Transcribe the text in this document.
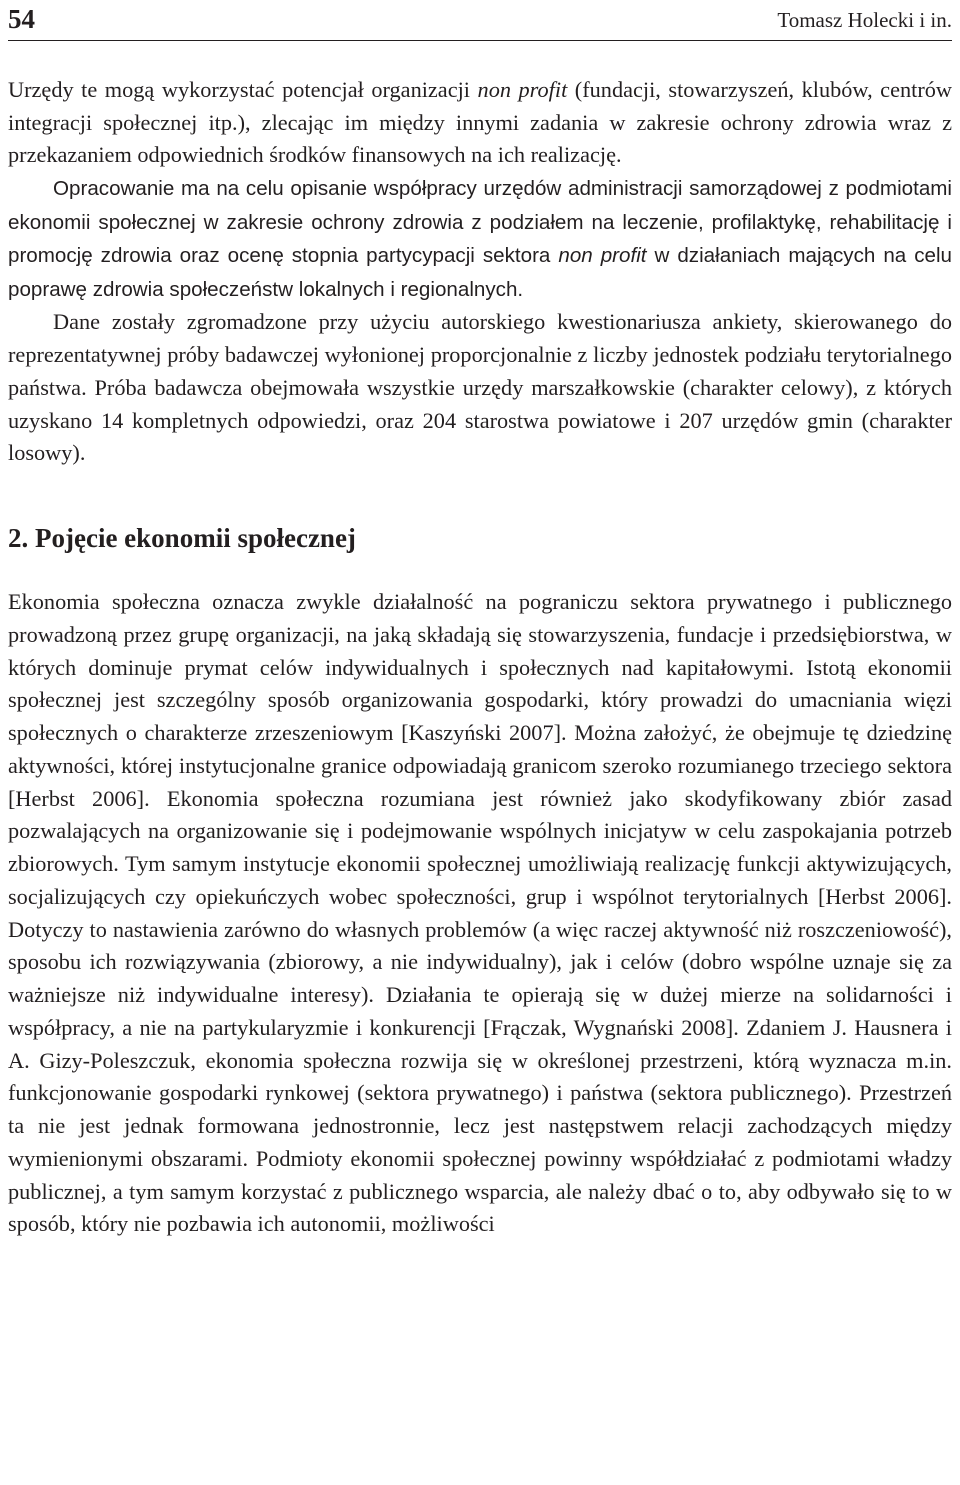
54	Tomasz Holecki i in.

Urzędy te mogą wykorzystać potencjał organizacji non profit (fundacji, stowarzyszeń, klubów, centrów integracji społecznej itp.), zlecając im między innymi zadania w zakresie ochrony zdrowia wraz z przekazaniem odpowiednich środków finansowych na ich realizację.

Opracowanie ma na celu opisanie współpracy urzędów administracji samorządowej z podmiotami ekonomii społecznej w zakresie ochrony zdrowia z podziałem na leczenie, profilaktykę, rehabilitację i promocję zdrowia oraz ocenę stopnia partycypacji sektora non profit w działaniach mających na celu poprawę zdrowia społeczeństw lokalnych i regionalnych.

Dane zostały zgromadzone przy użyciu autorskiego kwestionariusza ankiety, skierowanego do reprezentatywnej próby badawczej wyłonionej proporcjonalnie z liczby jednostek podziału terytorialnego państwa. Próba badawcza obejmowała wszystkie urzędy marszałkowskie (charakter celowy), z których uzyskano 14 kompletnych odpowiedzi, oraz 204 starostwa powiatowe i 207 urzędów gmin (charakter losowy).

2. Pojęcie ekonomii społecznej

Ekonomia społeczna oznacza zwykle działalność na pograniczu sektora prywatnego i publicznego prowadzoną przez grupę organizacji, na jaką składają się stowarzyszenia, fundacje i przedsiębiorstwa, w których dominuje prymat celów indywidualnych i społecznych nad kapitałowymi. Istotą ekonomii społecznej jest szczególny sposób organizowania gospodarki, który prowadzi do umacniania więzi społecznych o charakterze zrzeszeniowym [Kaszyński 2007]. Można założyć, że obejmuje tę dziedzinę aktywności, której instytucjonalne granice odpowiadają granicom szeroko rozumianego trzeciego sektora [Herbst 2006]. Ekonomia społeczna rozumiana jest również jako skodyfikowany zbiór zasad pozwalających na organizowanie się i podejmowanie wspólnych inicjatyw w celu zaspokajania potrzeb zbiorowych. Tym samym instytucje ekonomii społecznej umożliwiają realizację funkcji aktywizujących, socjalizujących czy opiekuńczych wobec społeczności, grup i wspólnot terytorialnych [Herbst 2006]. Dotyczy to nastawienia zarówno do własnych problemów (a więc raczej aktywność niż roszczeniowość), sposobu ich rozwiązywania (zbiorowy, a nie indywidualny), jak i celów (dobro wspólne uznaje się za ważniejsze niż indywidualne interesy). Działania te opierają się w dużej mierze na solidarności i współpracy, a nie na partykularyzmie i konkurencji [Frączak, Wygnański 2008]. Zdaniem J. Hausnera i A. Gizy-Poleszczuk, ekonomia społeczna rozwija się w określonej przestrzeni, którą wyznacza m.in. funkcjonowanie gospodarki rynkowej (sektora prywatnego) i państwa (sektora publicznego). Przestrzeń ta nie jest jednak formowana jednostronnie, lecz jest następstwem relacji zachodzących między wymienionymi obszarami. Podmioty ekonomii społecznej powinny współdziałać z podmiotami władzy publicznej, a tym samym korzystać z publicznego wsparcia, ale należy dbać o to, aby odbywało się to w sposób, który nie pozbawia ich autonomii, możliwości
